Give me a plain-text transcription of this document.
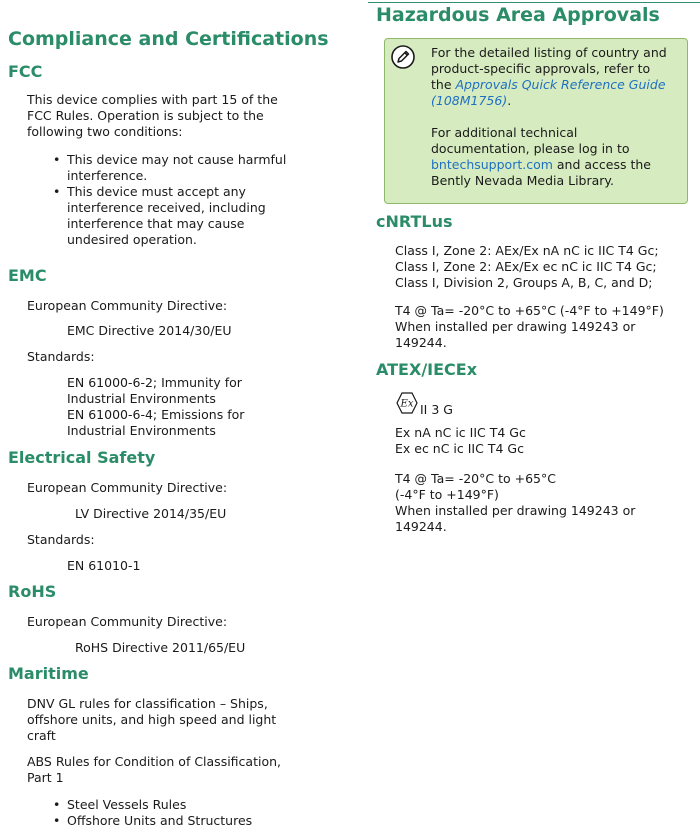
Compliance and Certifications
FCC

This device complies with part 15 of the

FCC Rules. Operation is subject to the

following two conditions:

• This device may not cause harmful
interference.
• This device must accept any
interference received, including
interference that may cause
undesired operation.
EMC

European Community Directive:

EMC Directive 2014/30/EU

Standards:

EN 61000-6-2; Immunity for

Industrial Environments

EN 61000-6-4; Emissions for

Industrial Environments

Electrical Safety

European Community Directive:

LV Directive 2014/35/EU

Standards:

EN 61010-1

RoHS

European Community Directive:

RoHS Directive 2011/65/EU

Maritime

DNV GL rules for classification – Ships,

offshore units, and high speed and light

craft

ABS Rules for Condition of Classification,

Part 1

• Steel Vessels Rules
• Offshore Units and Structures
Hazardous Area Approvals
For the detailed listing of country and
product-specific approvals, refer to
the Approvals Quick Reference Guide
(108M1756).
For additional technical
documentation, please log in to
bntechsupport.com and access the
Bently Nevada Media Library.
cNRTLus

Class I, Zone 2: AEx/Ex nA nC ic IIC T4 Gc;

Class I, Zone 2: AEx/Ex ec nC ic IIC T4 Gc;

Class I, Division 2, Groups A, B, C, and D;

T4 @ Ta= -20°C to +65°C (-4°F to +149°F)

When installed per drawing 149243 or

149244.

ATEX/IECEx
Ex II 3 G

Ex nA nC ic IIC T4 Gc

Ex ec nC ic IIC T4 Gc

T4 @ Ta= -20°C to +65°C

(-4°F to +149°F)

When installed per drawing 149243 or

149244.
